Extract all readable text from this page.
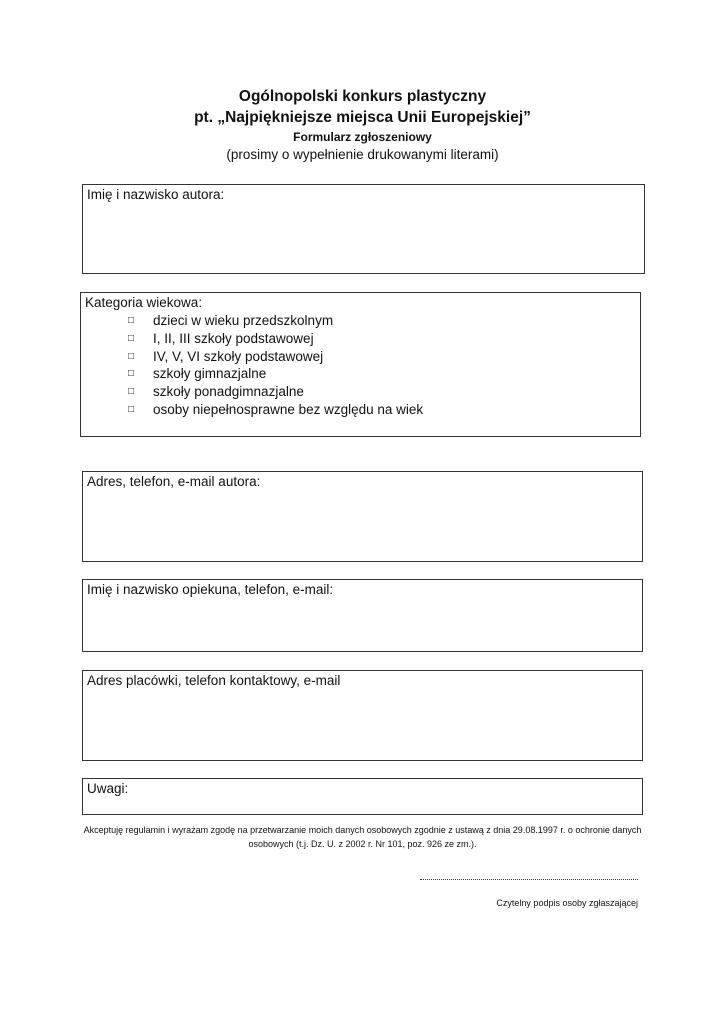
Ogólnopolski konkurs plastyczny
pt. „Najpiękniejsze miejsca Unii Europejskiej”
Formularz zgłoszeniowy
(prosimy o wypełnienie drukowanymi literami)
Imię i nazwisko autora:
Kategoria wiekowa:
□ dzieci w wieku przedszkolnym
□ I, II, III szkoły podstawowej
□ IV, V, VI szkoły podstawowej
□ szkoły gimnazjalne
□ szkoły ponadgimnazjalne
□ osoby niepełnosprawne bez względu na wiek
Adres, telefon, e-mail autora:
Imię i nazwisko opiekuna, telefon, e-mail:
Adres placówki, telefon kontaktowy, e-mail
Uwagi:
Akceptuję regulamin i wyrażam zgodę na przetwarzanie moich danych osobowych zgodnie z ustawą z dnia 29.08.1997 r. o ochronie danych osobowych (t.j. Dz. U. z 2002 r. Nr 101, poz. 926 ze zm.).
Czytelny podpis osoby zgłaszającej
